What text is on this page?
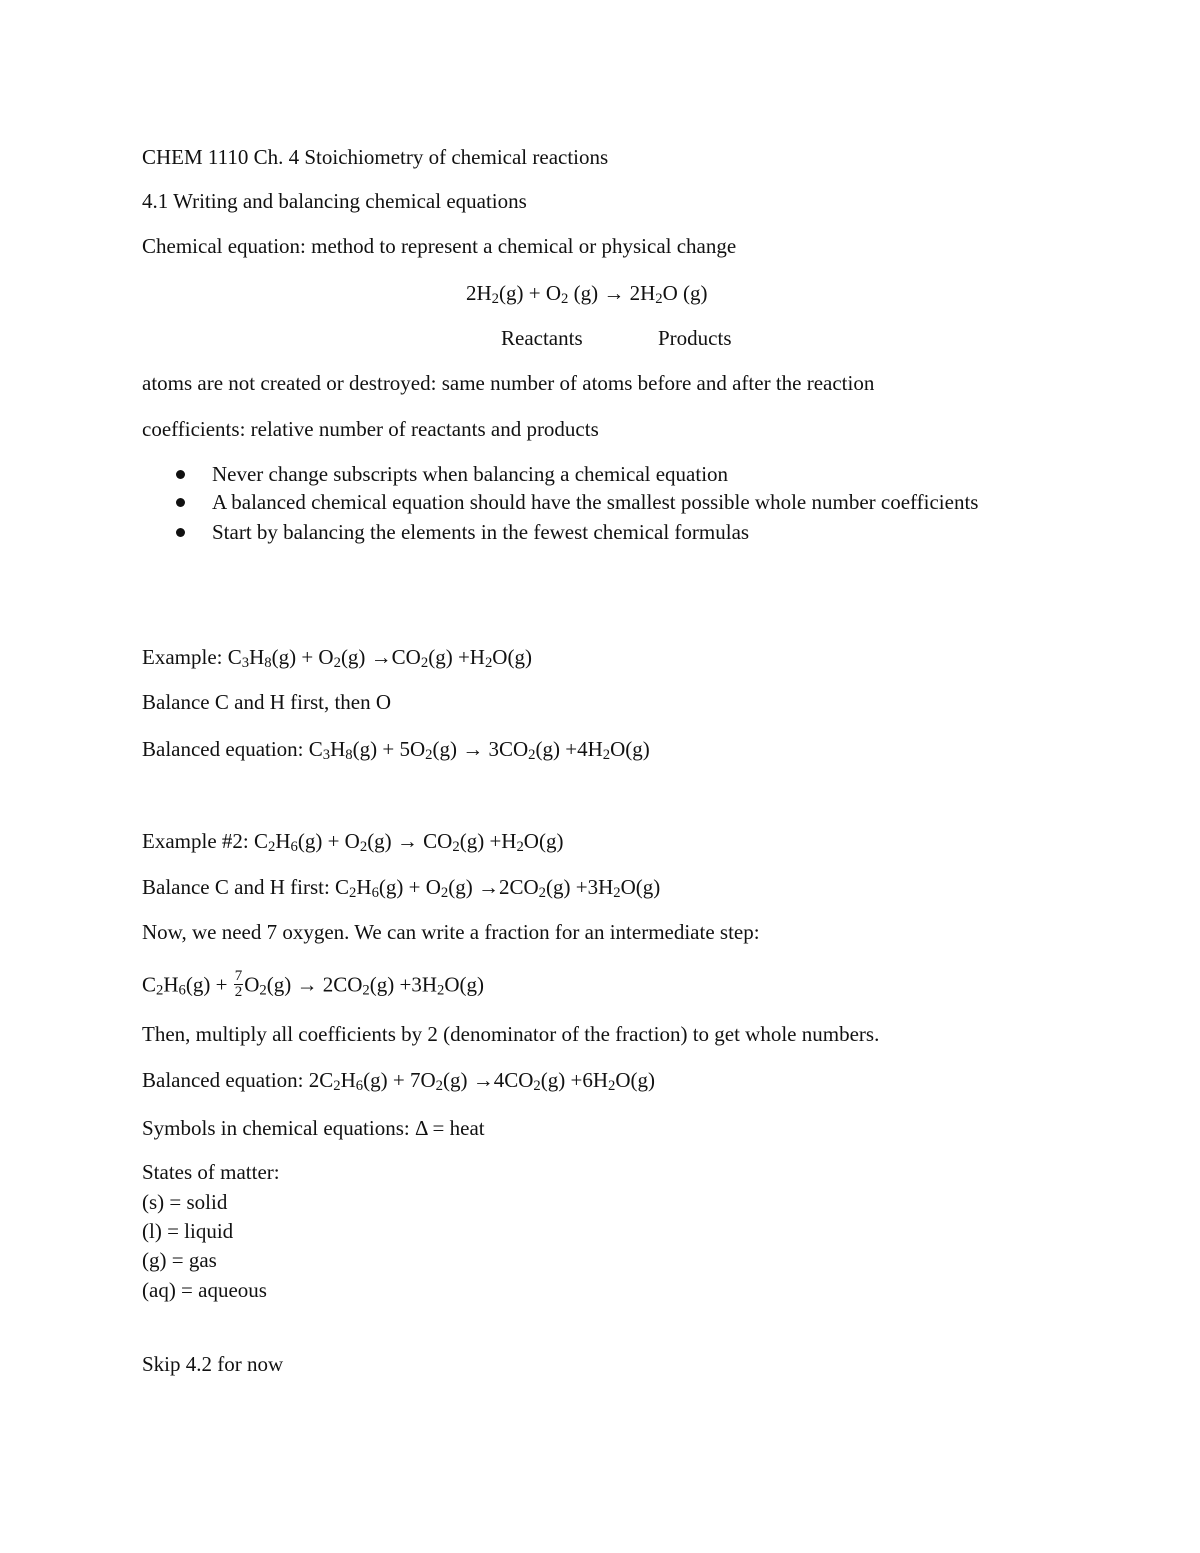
CHEM 1110 Ch. 4 Stoichiometry of chemical reactions
4.1 Writing and balancing chemical equations
Chemical equation: method to represent a chemical or physical change
$2H_2(g) + O_2$ $(g) \to 2H_2O$ (g)
Reactants	Products
atoms are not created or destroyed: same number of atoms before and after the reaction
coefficients: relative number of reactants and products
Never change subscripts when balancing a chemical equation
A balanced chemical equation should have the smallest possible whole number coefficients
Start by balancing the elements in the fewest chemical formulas
Example: $C_3H_8(g) + O_2(g) \to CO_2(g) +H_2O(g)$
Balance C and H first, then O
Balanced equation: $C_3H_8(g) + 5O_2(g) \to 3CO_2(g) +4H_2O(g)$
Example #2: $C_2H_6(g) + O_2(g) \to CO_2(g) +H_2O(g)$
Balance C and H first: $C_2H_6(g) + O_2(g) \to 2CO_2(g) +3H_2O(g)$
Now, we need 7 oxygen. We can write a fraction for an intermediate step:
$C_2H_6(g) + \frac{7}{2} O_2(g) \to 2CO_2(g) +3H_2O(g)$
Then, multiply all coefficients by 2 (denominator of the fraction) to get whole numbers.
Balanced equation: $2C_2H_6(g) + 7O_2(g) \to 4CO_2(g) +6H_2O(g)$
Symbols in chemical equations: Δ = heat
States of matter:
(s) = solid
(l) = liquid
(g) = gas
(aq) = aqueous
Skip 4.2 for now
